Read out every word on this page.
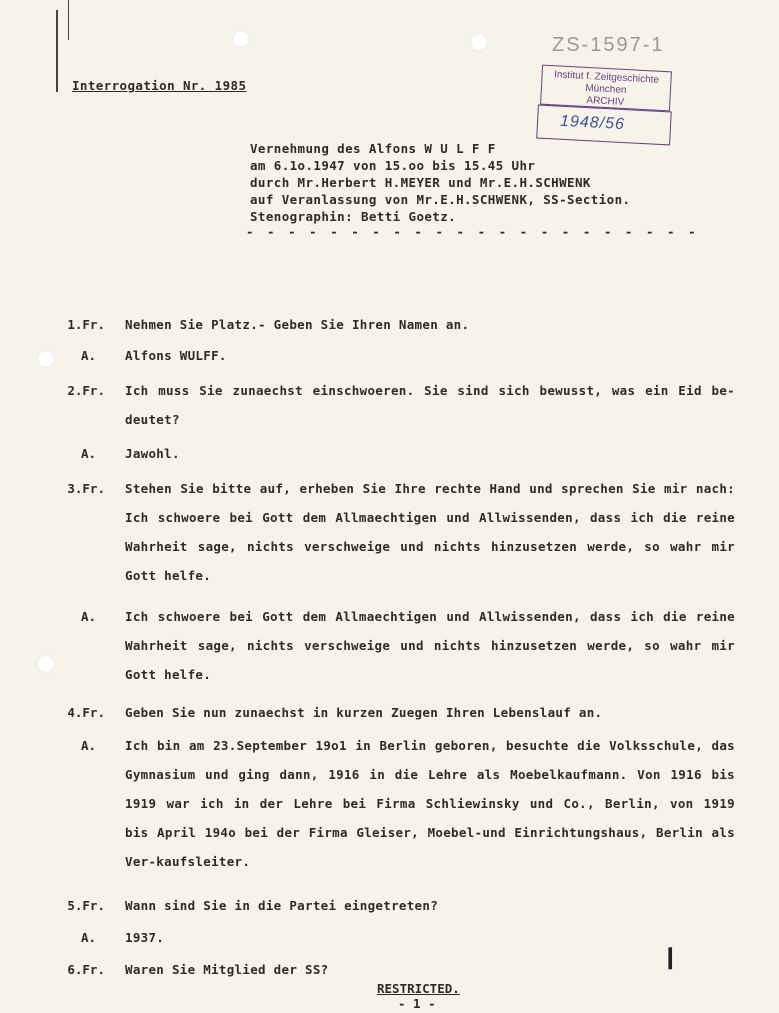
ZS-1597-1
Institut f. Zeitgeschichte
München
ARCHIV
1948/56
Interrogation Nr. 1985
Vernehmung des Alfons W U L F F
am 6.1o.1947 von 15.oo bis 15.45 Uhr
durch Mr.Herbert H.MEYER und Mr.E.H.SCHWENK
auf Veranlassung von Mr.E.H.SCHWENK, SS-Section.
Stenographin: Betti Goetz.
- - - - - - - - - - - - - - - - - - - - - -
1.Fr. Nehmen Sie Platz.- Geben Sie Ihren Namen an.
A. Alfons WULFF.
2.Fr. Ich muss Sie zunaechst einschwoeren. Sie sind sich bewusst, was ein Eid be-deutet?
A. Jawohl.
3.Fr. Stehen Sie bitte auf, erheben Sie Ihre rechte Hand und sprechen Sie mir nach: Ich schwoere bei Gott dem Allmaechtigen und Allwissenden, dass ich die reine Wahrheit sage, nichts verschweige und nichts hinzusetzen werde, so wahr mir Gott helfe.
A. Ich schwoere bei Gott dem Allmaechtigen und Allwissenden, dass ich die reine Wahrheit sage, nichts verschweige und nichts hinzusetzen werde, so wahr mir Gott helfe.
4.Fr. Geben Sie nun zunaechst in kurzen Zuegen Ihren Lebenslauf an.
A. Ich bin am 23.September 19o1 in Berlin geboren, besuchte die Volksschule, das Gymnasium und ging dann, 1916 in die Lehre als Moebelkaufmann. Von 1916 bis 1919 war ich in der Lehre bei Firma Schliewinsky und Co., Berlin, von 1919 bis April 194o bei der Firma Gleiser, Moebel-und Einrichtungshaus, Berlin als Ver-kaufsleiter.
5.Fr. Wann sind Sie in die Partei eingetreten?
A. 1937.
6.Fr. Waren Sie Mitglied der SS?
❙
RESTRICTED.
- 1 -
